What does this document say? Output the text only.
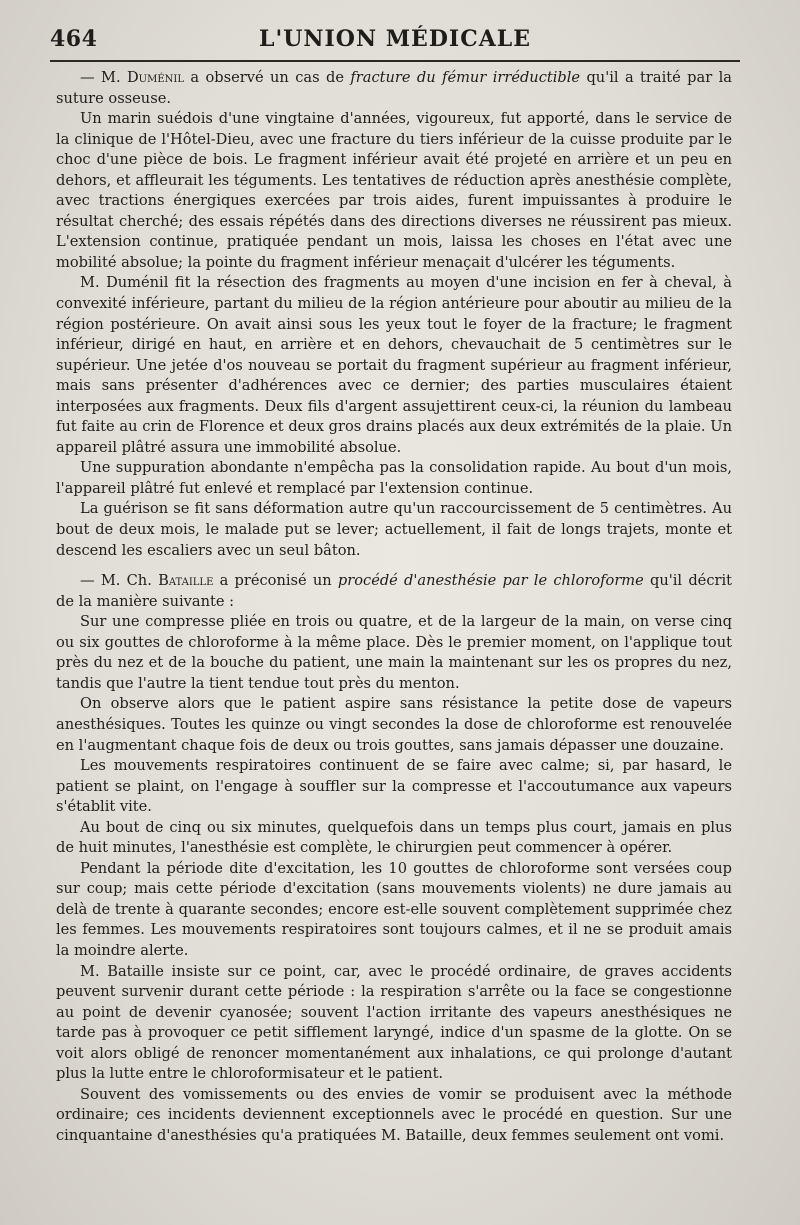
464	L'UNION MÉDICALE

— M. Duménil a observé un cas de fracture du fémur irréductible qu'il a traité par la suture osseuse.

Un marin suédois d'une vingtaine d'années, vigoureux, fut apporté, dans le service de la clinique de l'Hôtel-Dieu, avec une fracture du tiers inférieur de la cuisse produite par le choc d'une pièce de bois. Le fragment inférieur avait été projeté en arrière et un peu en dehors, et affleurait les téguments. Les tentatives de réduction après anesthésie complète, avec tractions énergiques exercées par trois aides, furent impuissantes à produire le résultat cherché; des essais répétés dans des directions diverses ne réussirent pas mieux. L'extension continue, pratiquée pendant un mois, laissa les choses en l'état avec une mobilité absolue; la pointe du fragment inférieur menaçait d'ulcérer les téguments.

M. Duménil fit la résection des fragments au moyen d'une incision en fer à cheval, à convexité inférieure, partant du milieu de la région antérieure pour aboutir au milieu de la région postérieure. On avait ainsi sous les yeux tout le foyer de la fracture; le fragment inférieur, dirigé en haut, en arrière et en dehors, chevauchait de 5 centimètres sur le supérieur. Une jetée d'os nouveau se portait du fragment supérieur au fragment inférieur, mais sans présenter d'adhérences avec ce dernier; des parties musculaires étaient interposées aux fragments. Deux fils d'argent assujettirent ceux-ci, la réunion du lambeau fut faite au crin de Florence et deux gros drains placés aux deux extrémités de la plaie. Un appareil plâtré assura une immobilité absolue.

Une suppuration abondante n'empêcha pas la consolidation rapide. Au bout d'un mois, l'appareil plâtré fut enlevé et remplacé par l'extension continue.

La guérison se fit sans déformation autre qu'un raccourcissement de 5 centimètres. Au bout de deux mois, le malade put se lever; actuellement, il fait de longs trajets, monte et descend les escaliers avec un seul bâton.

— M. Ch. Bataille a préconisé un procédé d'anesthésie par le chloroforme qu'il décrit de la manière suivante :

Sur une compresse pliée en trois ou quatre, et de la largeur de la main, on verse cinq ou six gouttes de chloroforme à la même place. Dès le premier moment, on l'applique tout près du nez et de la bouche du patient, une main la maintenant sur les os propres du nez, tandis que l'autre la tient tendue tout près du menton.

On observe alors que le patient aspire sans résistance la petite dose de vapeurs anesthésiques. Toutes les quinze ou vingt secondes la dose de chloroforme est renouvelée en l'augmentant chaque fois de deux ou trois gouttes, sans jamais dépasser une douzaine.

Les mouvements respiratoires continuent de se faire avec calme; si, par hasard, le patient se plaint, on l'engage à souffler sur la compresse et l'accoutumance aux vapeurs s'établit vite.

Au bout de cinq ou six minutes, quelquefois dans un temps plus court, jamais en plus de huit minutes, l'anesthésie est complète, le chirurgien peut commencer à opérer.

Pendant la période dite d'excitation, les 10 gouttes de chloroforme sont versées coup sur coup; mais cette période d'excitation (sans mouvements violents) ne dure jamais au delà de trente à quarante secondes; encore est-elle souvent complètement supprimée chez les femmes. Les mouvements respiratoires sont toujours calmes, et il ne se produit amais la moindre alerte.

M. Bataille insiste sur ce point, car, avec le procédé ordinaire, de graves accidents peuvent survenir durant cette période : la respiration s'arrête ou la face se congestionne au point de devenir cyanosée; souvent l'action irritante des vapeurs anesthésiques ne tarde pas à provoquer ce petit sifflement laryngé, indice d'un spasme de la glotte. On se voit alors obligé de renoncer momentanément aux inhalations, ce qui prolonge d'autant plus la lutte entre le chloroformisateur et le patient.

Souvent des vomissements ou des envies de vomir se produisent avec la méthode ordinaire; ces incidents deviennent exceptionnels avec le procédé en question. Sur une cinquantaine d'anesthésies qu'a pratiquées M. Bataille, deux femmes seulement ont vomi.
